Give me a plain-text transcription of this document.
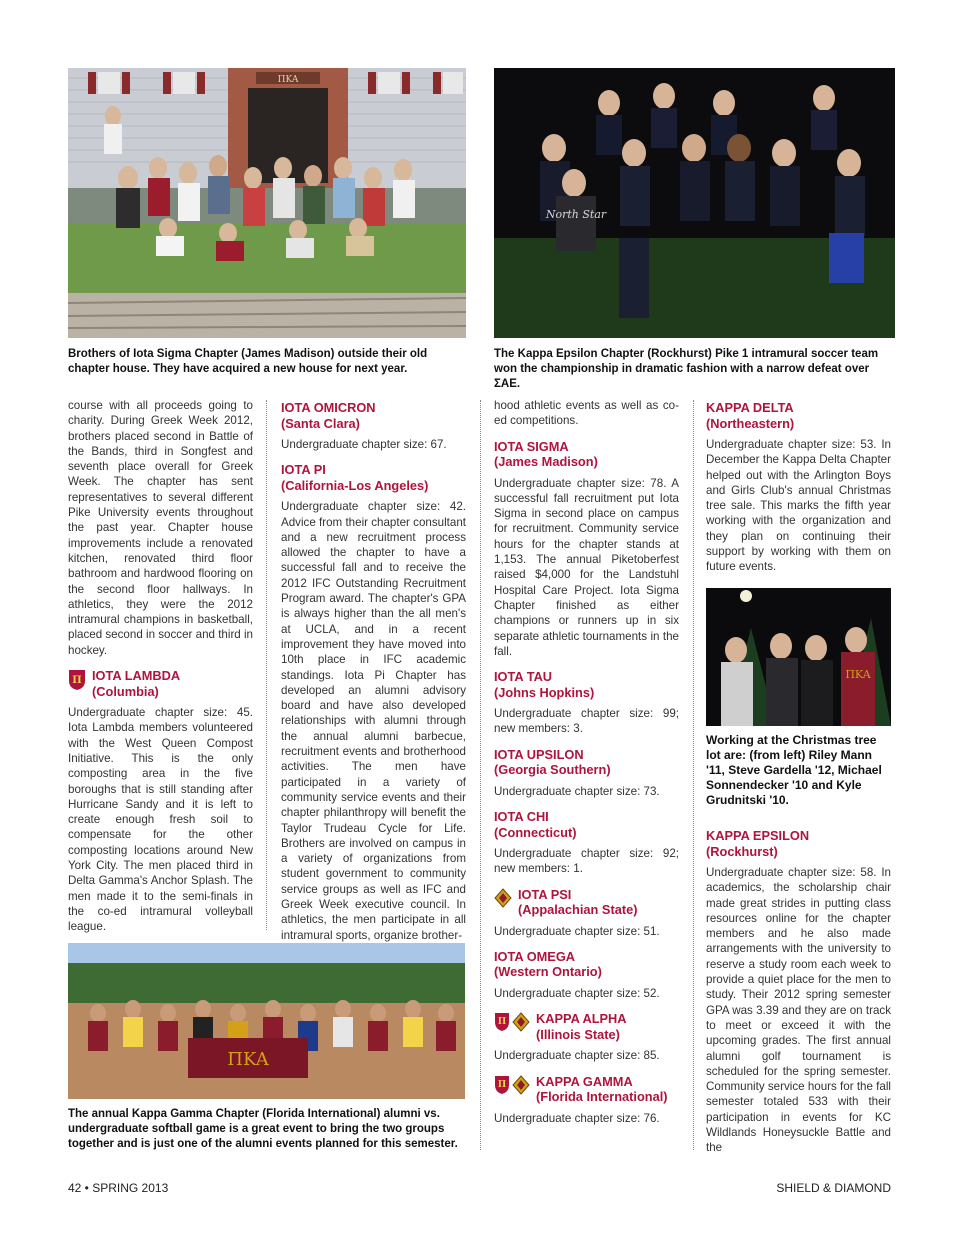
ΠKA
North Star
ΠKA
ΠKA
Brothers of Iota Sigma Chapter (James Madison) outside their old chapter house. They have acquired a new house for next year.
The Kappa Epsilon Chapter (Rockhurst) Pike 1 intramural soccer team won the championship in dramatic fashion with a narrow defeat over ΣAE.
The annual Kappa Gamma Chapter (Florida International) alumni vs. undergraduate softball game is a great event to bring the two groups together and is just one of the alumni events planned for this semester.
Working at the Christmas tree lot are: (from left) Riley Mann '11, Steve Gardella '12, Michael Sonnendecker '10 and Kyle Grudnitski '10.

course with all proceeds going to charity. During Greek Week 2012, brothers placed second in Battle of the Bands, third in Songfest and seventh place overall for Greek Week. The chapter has sent representatives to several different Pike University events throughout the past year. Chapter house improvements include a renovated kitchen, renovated third floor bathroom and hardwood flooring on the second floor hallways. In athletics, they were the 2012 intramural champions in basketball, placed second in soccer and third in hockey.

Π IOTA LAMBDA
(Columbia)

Undergraduate chapter size: 45. Iota Lambda members volunteered with the West Queen Compost Initiative. This is the only composting area in the five boroughs that is still standing after Hurricane Sandy and it is left to create enough fresh soil to compensate for the other composting locations around New York City. The men placed third in Delta Gamma's Anchor Splash. The men made it to the semi-finals in the co-ed intramural volleyball league.

IOTA OMICRON
(Santa Clara)

Undergraduate chapter size: 67.

IOTA PI
(California-Los Angeles)

Undergraduate chapter size: 42. Advice from their chapter consultant and a new recruitment process allowed the chapter to have a successful fall and to receive the 2012 IFC Outstanding Recruitment Program award. The chapter's GPA is always higher than the all men's at UCLA, and in a recent improvement they have moved into 10th place in IFC academic standings. Iota Pi Chapter has developed an alumni advisory board and have also developed relationships with alumni through the annual alumni barbecue, recruitment events and brotherhood activities. The men have participated in a variety of community service events and their chapter philanthropy will benefit the Taylor Trudeau Cycle for Life. Brothers are involved on campus in a variety of organizations from student government to community service groups as well as IFC and Greek Week executive council. In athletics, the men participate in all intramural sports, organize brother-

hood athletic events as well as co-ed competitions.

IOTA SIGMA
(James Madison)

Undergraduate chapter size: 78. A successful fall recruitment put Iota Sigma in second place on campus for recruitment. Community service hours for the chapter stands at 1,153. The annual Piketoberfest raised $4,000 for the Landstuhl Hospital Care Project. Iota Sigma Chapter finished as either champions or runners up in six separate athletic tournaments in the fall.

IOTA TAU
(Johns Hopkins)

Undergraduate chapter size: 99; new members: 3.

IOTA UPSILON
(Georgia Southern)

Undergraduate chapter size: 73.

IOTA CHI
(Connecticut)

Undergraduate chapter size: 92; new members: 1.

IOTA PSI
(Appalachian State)

Undergraduate chapter size: 51.

IOTA OMEGA
(Western Ontario)

Undergraduate chapter size: 52.

Π KAPPA ALPHA
(Illinois State)

Undergraduate chapter size: 85.

Π KAPPA GAMMA
(Florida International)

Undergraduate chapter size: 76.

KAPPA DELTA
(Northeastern)

Undergraduate chapter size: 53. In December the Kappa Delta Chapter helped out with the Arlington Boys and Girls Club's annual Christmas tree sale. This marks the fifth year working with the organization and they plan on continuing their support by working with them on future events.

KAPPA EPSILON
(Rockhurst)

Undergraduate chapter size: 58. In academics, the scholarship chair made great strides in putting class resources online for the chapter members and he also made arrangements with the university to reserve a study room each week to provide a quiet place for the men to study. Their 2012 spring semester GPA was 3.39 and they are on track to meet or exceed it with the upcoming grades. The first annual alumni golf tournament is scheduled for the spring semester. Community service hours for the fall semester totaled 533 with their participation in events for KC Wildlands Honeysuckle Battle and the

42 • SPRING 2013	SHIELD & DIAMOND
